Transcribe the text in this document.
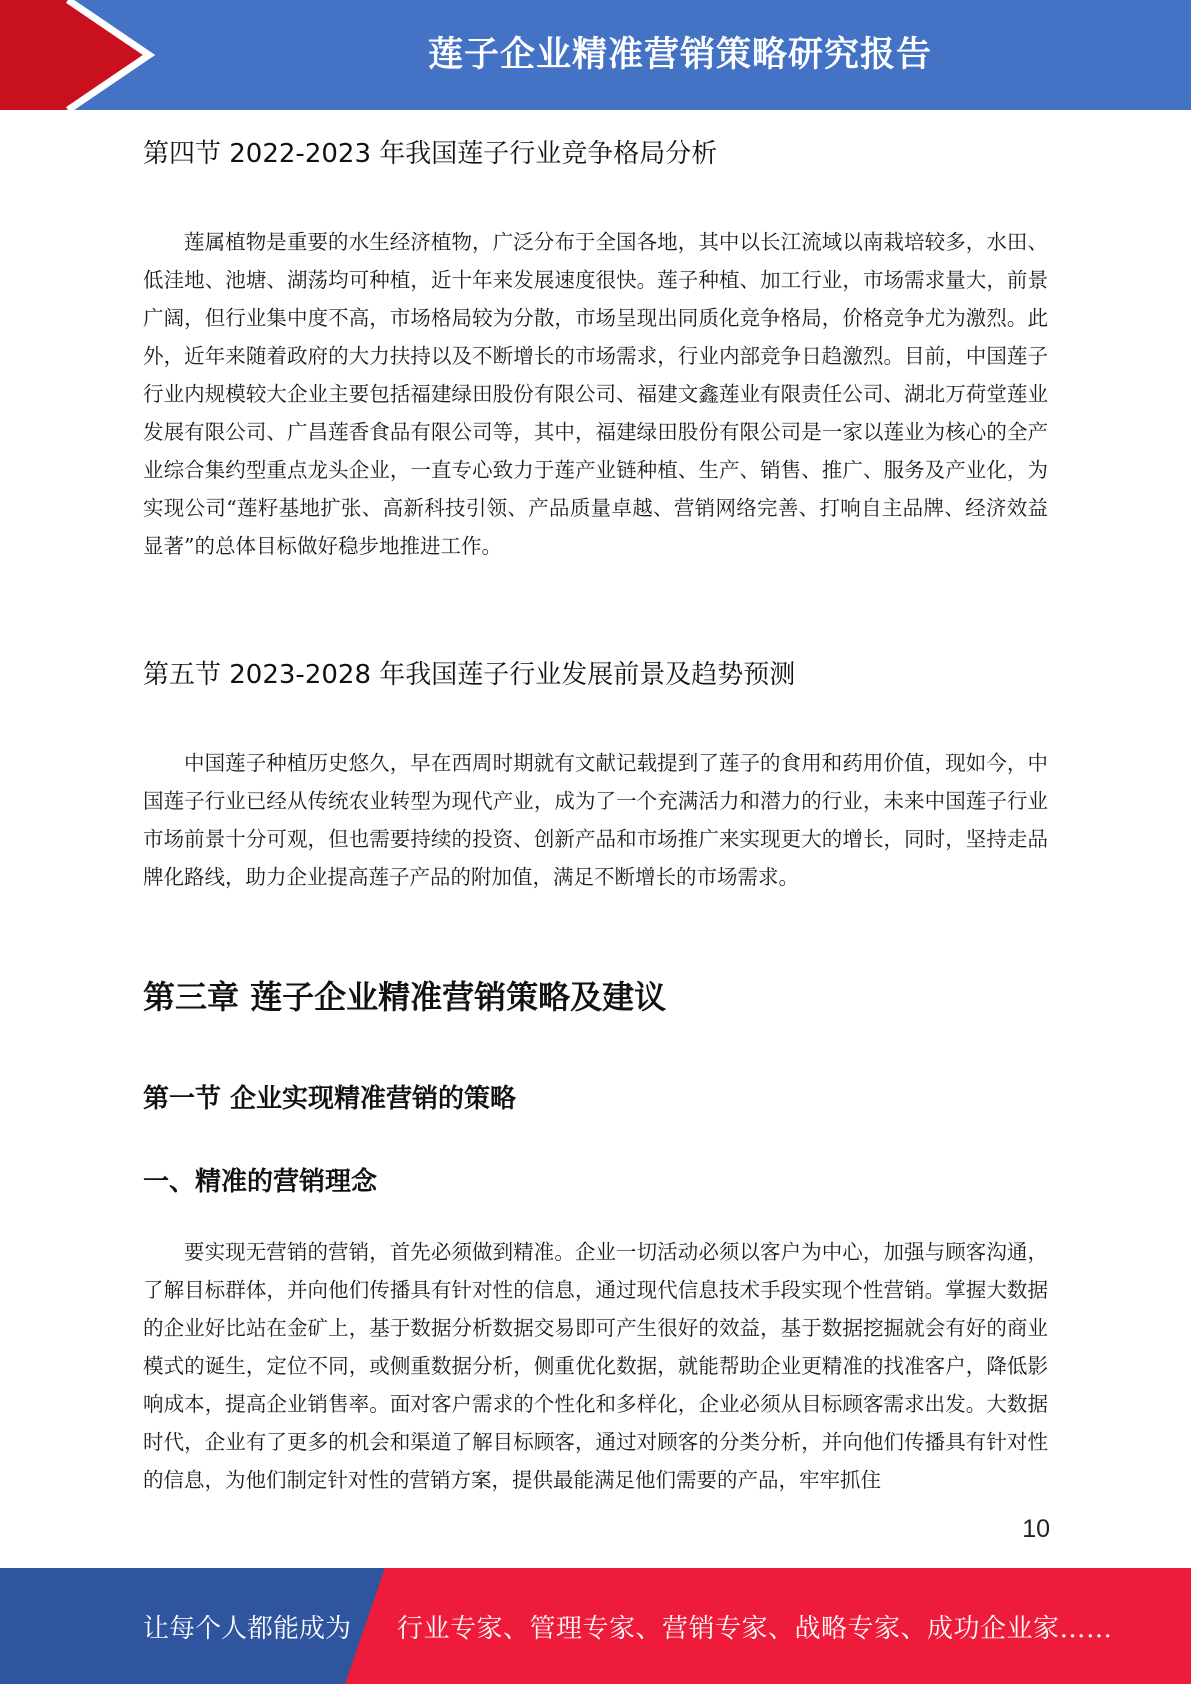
莲子企业精准营销策略研究报告
第四节 2022-2023 年我国莲子行业竞争格局分析

莲属植物是重要的水生经济植物，广泛分布于全国各地，其中以长江流域以南栽培较多，水田、低洼地、池塘、湖荡均可种植，近十年来发展速度很快。莲子种植、加工行业，市场需求量大，前景广阔，但行业集中度不高，市场格局较为分散，市场呈现出同质化竞争格局，价格竞争尤为激烈。此外，近年来随着政府的大力扶持以及不断增长的市场需求，行业内部竞争日趋激烈。目前，中国莲子行业内规模较大企业主要包括福建绿田股份有限公司、福建文鑫莲业有限责任公司、湖北万荷堂莲业发展有限公司、广昌莲香食品有限公司等，其中，福建绿田股份有限公司是一家以莲业为核心的全产业综合集约型重点龙头企业，一直专心致力于莲产业链种植、生产、销售、推广、服务及产业化，为实现公司“莲籽基地扩张、高新科技引领、产品质量卓越、营销网络完善、打响自主品牌、经济效益显著”的总体目标做好稳步地推进工作。

第五节 2023-2028 年我国莲子行业发展前景及趋势预测

中国莲子种植历史悠久，早在西周时期就有文献记载提到了莲子的食用和药用价值，现如今，中国莲子行业已经从传统农业转型为现代产业，成为了一个充满活力和潜力的行业，未来中国莲子行业市场前景十分可观，但也需要持续的投资、创新产品和市场推广来实现更大的增长，同时，坚持走品牌化路线，助力企业提高莲子产品的附加值，满足不断增长的市场需求。

第三章 莲子企业精准营销策略及建议
第一节 企业实现精准营销的策略
一、精准的营销理念

要实现无营销的营销，首先必须做到精准。企业一切活动必须以客户为中心，加强与顾客沟通，了解目标群体，并向他们传播具有针对性的信息，通过现代信息技术手段实现个性营销。掌握大数据的企业好比站在金矿上，基于数据分析数据交易即可产生很好的效益，基于数据挖掘就会有好的商业模式的诞生，定位不同，或侧重数据分析，侧重优化数据，就能帮助企业更精准的找准客户，降低影响成本，提高企业销售率。面对客户需求的个性化和多样化，企业必须从目标顾客需求出发。大数据时代，企业有了更多的机会和渠道了解目标顾客，通过对顾客的分类分析，并向他们传播具有针对性的信息，为他们制定针对性的营销方案，提供最能满足他们需要的产品，牢牢抓住

10
让每个人都能成为 行业专家、管理专家、营销专家、战略专家、成功企业家……
